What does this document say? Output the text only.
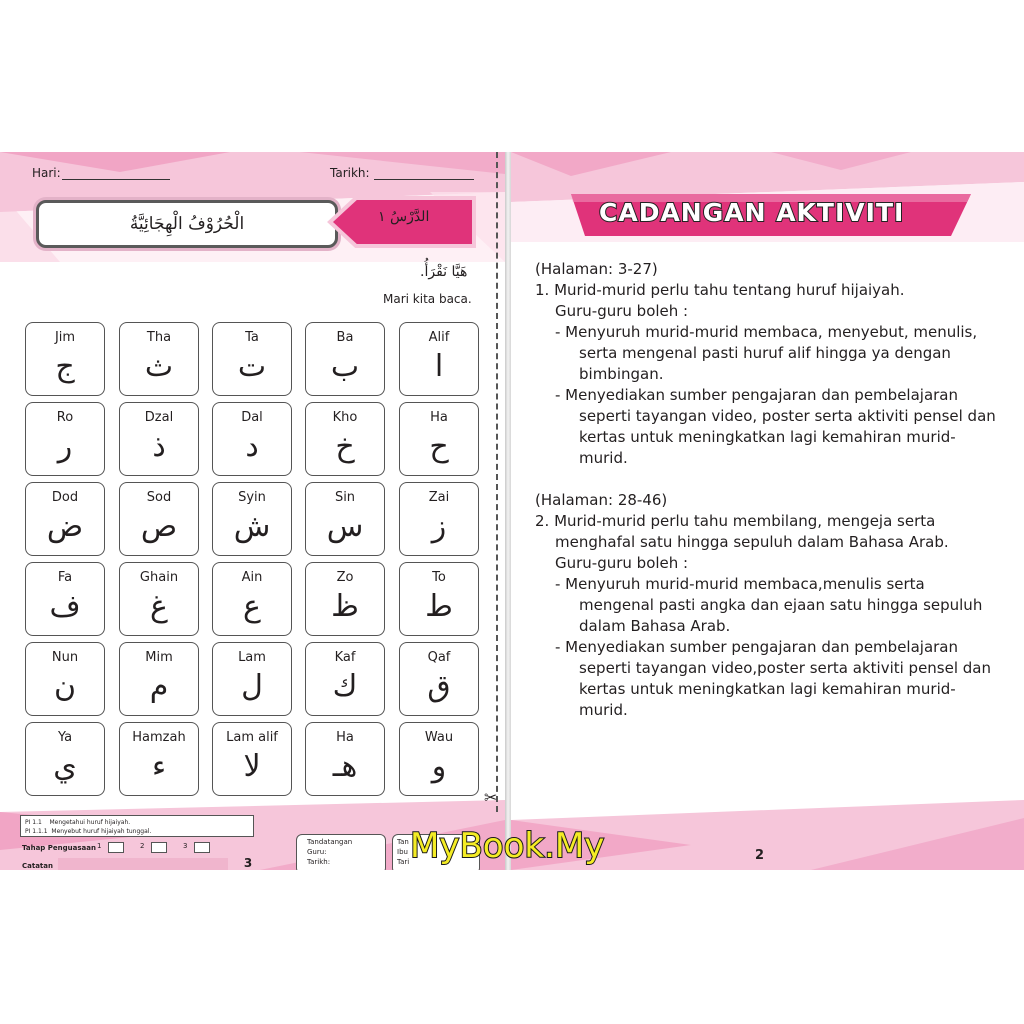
Hari:	Tarikh:
الْحُرُوْفُ الْهِجَائِيَّةُ	الدَّرْسُ ١
هَيَّا نَقْرَأُ.
Mari kita baca.
Jim
ج
Tha
ث
Ta
ت
Ba
ب
Alif
ا
Ro
ر
Dzal
ذ
Dal
د
Kho
خ
Ha
ح
Dod
ض
Sod
ص
Syin
ش
Sin
س
Zai
ز
Fa
ف
Ghain
غ
Ain
ع
Zo
ظ
To
ط
Nun
ن
Mim
م
Lam
ل
Kaf
ك
Qaf
ق
Ya
ي
Hamzah
ء
Lam alif
لا
Ha
هـ
Wau
و
✂
PI 1.1 Mengetahui huruf hijaiyah.
PI 1.1.1 Menyebut huruf hijaiyah tunggal.
Tahap Penguasaan 1	2	3
Catatan	3
Tandatangan
Guru:
Tarikh:
Tan
Ibu
Tari
CADANGAN AKTIVITI

(Halaman: 3-27)

1. Murid-murid perlu tahu tentang huruf hijaiyah.

Guru-guru boleh :

- Menyuruh murid-murid membaca, menyebut, menulis, serta mengenal pasti huruf alif hingga ya dengan bimbingan.

- Menyediakan sumber pengajaran dan pembelajaran seperti tayangan video, poster serta aktiviti pensel dan kertas untuk meningkatkan lagi kemahiran murid-murid.

(Halaman: 28-46)

2. Murid-murid perlu tahu membilang, mengeja serta menghafal satu hingga sepuluh dalam Bahasa Arab.

Guru-guru boleh :

- Menyuruh murid-murid membaca,menulis serta mengenal pasti angka dan ejaan satu hingga sepuluh dalam Bahasa Arab.

- Menyediakan sumber pengajaran dan pembelajaran seperti tayangan video,poster serta aktiviti pensel dan kertas untuk meningkatkan lagi kemahiran murid-murid.

2
MyBook.My
